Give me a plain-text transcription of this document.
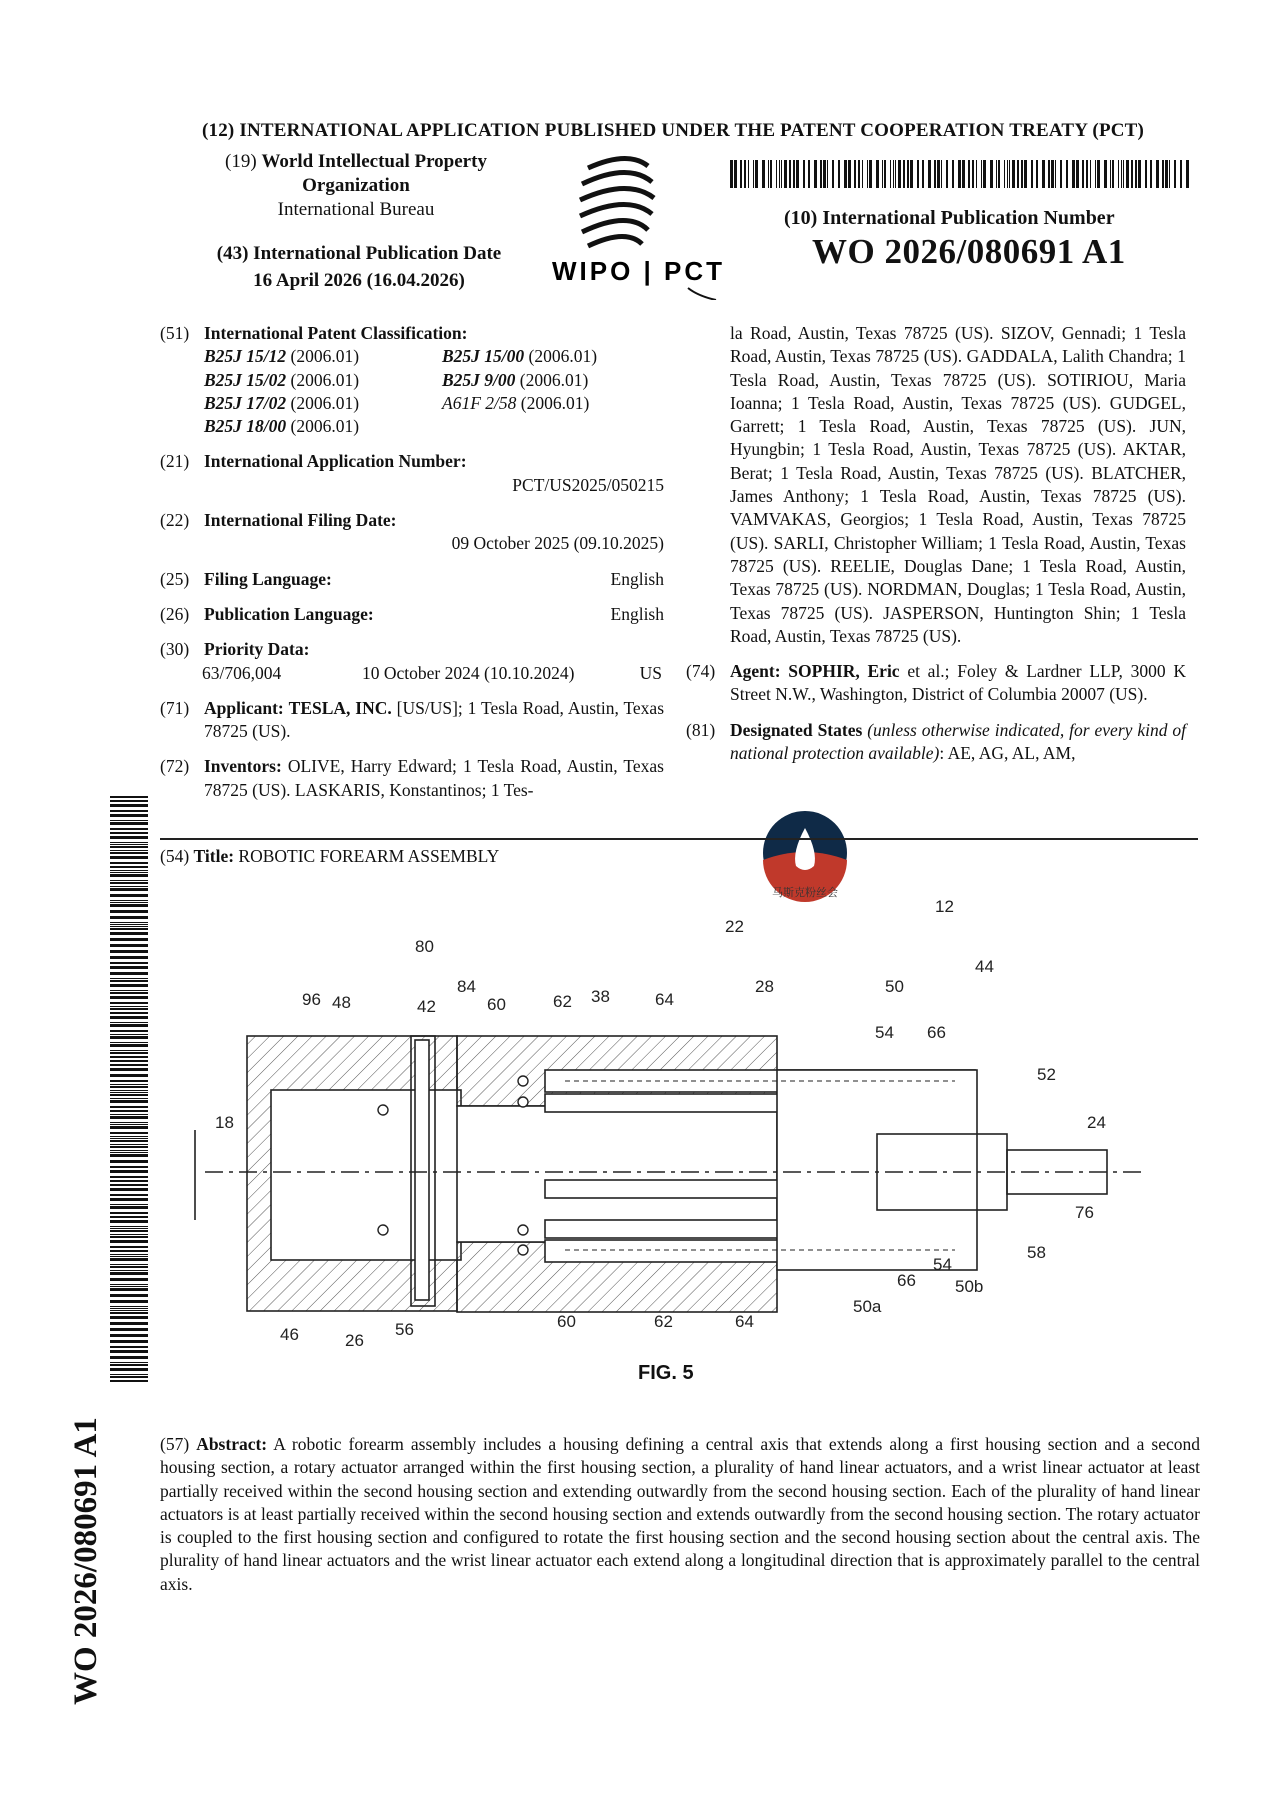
(12) INTERNATIONAL APPLICATION PUBLISHED UNDER THE PATENT COOPERATION TREATY (PCT)
(19) World Intellectual Property Organization
International Bureau
(43) International Publication Date
16 April 2026 (16.04.2026)	WIPO | PCT
(10) International Publication Number
WO 2026/080691 A1
(51) International Patent Classification:
B25J 15/12 (2006.01)	B25J 15/00 (2006.01)
B25J 15/02 (2006.01)	B25J 9/00 (2006.01)
B25J 17/02 (2006.01)	A61F 2/58 (2006.01)
B25J 18/00 (2006.01)
(21) International Application Number:
PCT/US2025/050215
(22) International Filing Date:
09 October 2025 (09.10.2025)
(25) Filing Language:	English
(26) Publication Language:	English
(30) Priority Data:
63/706,004	10 October 2024 (10.10.2024)	US
(71) Applicant: TESLA, INC. [US/US]; 1 Tesla Road, Austin, Texas 78725 (US).
(72) Inventors: OLIVE, Harry Edward; 1 Tesla Road, Austin, Texas 78725 (US). LASKARIS, Konstantinos; 1 Tes-
la Road, Austin, Texas 78725 (US). SIZOV, Gennadi; 1 Tesla Road, Austin, Texas 78725 (US). GADDALA, Lalith Chandra; 1 Tesla Road, Austin, Texas 78725 (US). SOTIRIOU, Maria Ioanna; 1 Tesla Road, Austin, Texas 78725 (US). GUDGEL, Garrett; 1 Tesla Road, Austin, Texas 78725 (US). JUN, Hyungbin; 1 Tesla Road, Austin, Texas 78725 (US). AKTAR, Berat; 1 Tesla Road, Austin, Texas 78725 (US). BLATCHER, James Anthony; 1 Tesla Road, Austin, Texas 78725 (US). VAMVAKAS, Georgios; 1 Tesla Road, Austin, Texas 78725 (US). SARLI, Christopher William; 1 Tesla Road, Austin, Texas 78725 (US). REELIE, Douglas Dane; 1 Tesla Road, Austin, Texas 78725 (US). NORDMAN, Douglas; 1 Tesla Road, Austin, Texas 78725 (US). JASPERSON, Huntington Shin; 1 Tesla Road, Austin, Texas 78725 (US).
(74) Agent: SOPHIR, Eric et al.; Foley & Lardner LLP, 3000 K Street N.W., Washington, District of Columbia 20007 (US).
(81) Designated States (unless otherwise indicated, for every kind of national protection available): AE, AG, AL, AM,
马斯克粉丝会
(54) Title: ROBOTIC FOREARM ASSEMBLY
12
22
80
44
28	50
84
96 48	42	60	62 38	64
54 66
52
18	24
76
58
54
66 50b
50a
46	26
56	60	62	64
FIG. 5
(57) Abstract: A robotic forearm assembly includes a housing defining a central axis that extends along a first housing section and a second housing section, a rotary actuator arranged within the first housing section, a plurality of hand linear actuators, and a wrist linear actuator at least partially received within the second housing section and extending outwardly from the second housing section. Each of the plurality of hand linear actuators is at least partially received within the second housing section and extends outwardly from the second housing section. The rotary actuator is coupled to the first housing section and configured to rotate the first housing section and the second housing section about the central axis. The plurality of hand linear actuators and the wrist linear actuator each extend along a longitudinal direction that is approximately parallel to the central axis.
WO 2026/080691 A1
